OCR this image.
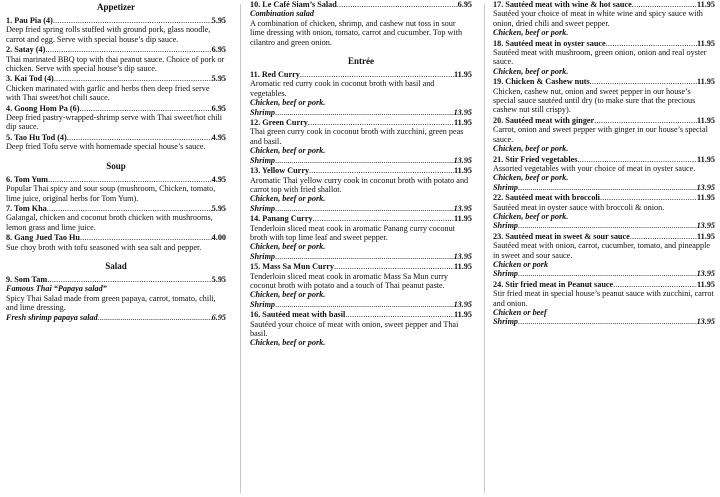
Appetizer
1. Pau Pia (4) .....	5.95
Deep fried spring rolls stuffed with ground pork, glass noodle, carrot and egg. Serve with special house’s dip sauce.
2. Satay (4) .....	6.95
Thai marinated BBQ top with thai peanut sauce. Choice of pork or chicken. Serve with special house’s dip sauce.
3. Kai Tod (4) .....	5.95
Chicken marinated with garlic and herbs then deep fried serve with Thai sweet/hot chili sauce.
4. Goong Hom Pa (6) .....	6.95
Deep fried pastry-wrapped-shrimp serve with Thai sweet/hot chili dip sauce.
5. Tao Hu Tod (4) .....	4.95
Deep fried Tofu serve with homemade special house’s sauce.
Soup
6. Tom Yum .....	4.95
Popular Thai spicy and sour soup (mushroom, Chicken, tomato, lime juice, original herbs for Tom Yum).
7. Tom Kha .....	5.95
Galangal, chicken and coconut broth chicken with mushrooms, lemon grass and lime juice.
8. Gang Jued Tao Hu .....	4.00
Sue choy broth with tofu seasoned with sea salt and pepper.
Salad
9. Som Tam .....	5.95
Famous Thai “Papaya salad”
Spicy Thai Salad made from green papaya, carrot, tomato, chili, and lime dressing.
Fresh shrimp papaya salad .....	6.95
10. Le Café Siam’s Salad .....	6.95
Combination salad
A combination of chicken, shrimp, and cashew nut toss in sour lime dressing with onion, tomato, carrot and cucumber. Top with cilantro and green onion.
Entrée
11. Red Curry .....	11.95
Aromatic red curry cook in coconut broth with basil and vegetables.
Chicken, beef or pork.
Shrimp .....	13.95
12. Green Curry .....	11.95
Thai green curry cook in coconut broth with zucchini, green peas and basil.
Chicken, beef or pork.
Shrimp .....	13.95
13. Yellow Curry .....	11.95
Aromatic Thai yellow curry cook in coconut broth with potato and carrot top with fried shallot.
Chicken, beef or pork.
Shrimp .....	13.95
14. Panang Curry .....	11.95
Tenderloin sliced meat cook in aromatic Panang curry coconut broth with top lime leaf and sweet pepper.
Chicken, beef or pork.
Shrimp .....	13.95
15. Mass Sa Mun Curry .....	11.95
Tenderloin sliced meat cook in aromatic Mass Sa Mun curry coconut broth with potato and a touch of Thai peanut paste.
Chicken, beef or pork.
Shrimp .....	13.95
16. Sautéed meat with basil .....	11.95
Sautéed your choice of meat with onion, sweet pepper and Thai basil.
Chicken, beef or pork.
17. Sautéed meat with wine & hot sauce .....	11.95
Sautéed your choice of meat in white wine and spicy sauce with onion, dried chili and sweet pepper.
Chicken, beef or pork.
18. Sautéed meat in oyster sauce .....	11.95
Sautéed meat with mushroom, green onion, onion and real oyster sauce.
Chicken, beef or pork.
19. Chicken & Cashew nuts .....	11.95
Chicken, cashew nut, onion and sweet pepper in our house’s special sauce sautéed until dry (to make sure that the precious cashew nut still crispy).
20. Sautéed meat with ginger .....	11.95
Carrot, onion and sweet pepper with ginger in our house’s special sauce.
Chicken, beef or pork.
21. Stir Fried vegetables .....	11.95
Assorted vegetables with your choice of meat in oyster sauce.
Chicken, beef or pork.
Shrimp .....	13.95
22. Sautéed meat with broccoli .....	11.95
Sautéed meat in oyster sauce with broccoli & onion.
Chicken, beef or pork.
Shrimp .....	13.95
23. Sautéed meat in sweet & sour sauce .....	11.95
Sautéed meat with onion, carrot, cucumber, tomato, and pineapple in sweet and sour sauce.
Chicken or pork
Shrimp .....	13.95
24. Stir fried meat in Peanut sauce .....	11.95
Stir fried meat in special house’s peanut sauce with zucchini, carrot and onion.
Chicken or beef
Shrimp .....	13.95
